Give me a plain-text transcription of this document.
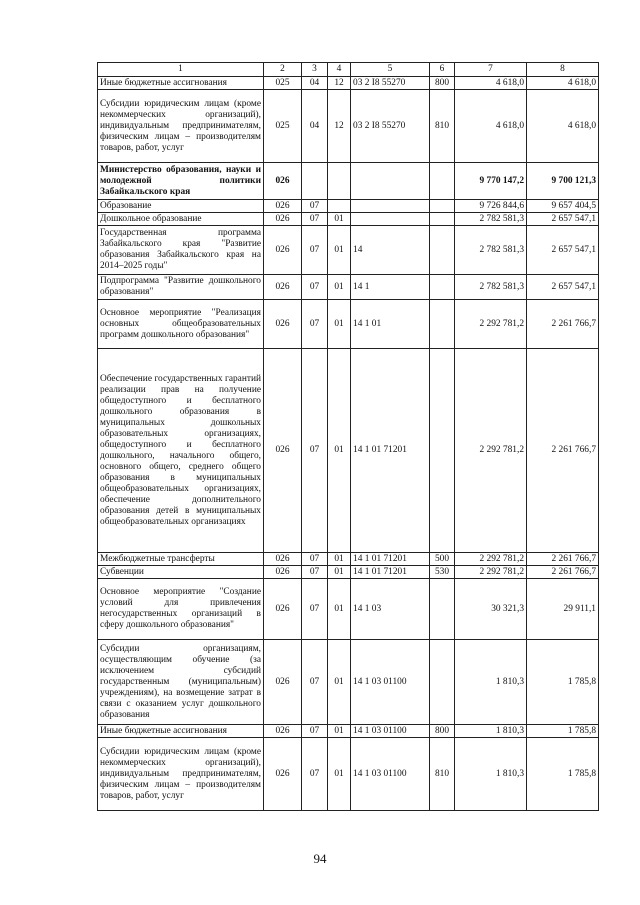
1	2	3	4	5	6	7	8
Иные бюджетные ассигнования	025	04	12	03 2 I8 55270	800	4 618,0	4 618,0
Субсидии юридическим лицам (кроме некоммерческих организаций), индивидуальным предпринимателям, физическим лицам – производителям товаров, работ, услуг	025	04	12	03 2 I8 55270	810	4 618,0	4 618,0
Министерство образования, науки и молодежной политики Забайкальского края	026					9 770 147,2	9 700 121,3
Образование	026	07				9 726 844,6	9 657 404,5
Дошкольное образование	026	07	01			2 782 581,3	2 657 547,1
Государственная программа Забайкальского края "Развитие образования Забайкальского края на 2014–2025 годы"	026	07	01	14		2 782 581,3	2 657 547,1
Подпрограмма "Развитие дошкольного образования"	026	07	01	14 1		2 782 581,3	2 657 547,1
Основное мероприятие "Реализация основных общеобразовательных программ дошкольного образования"	026	07	01	14 1 01		2 292 781,2	2 261 766,7
Обеспечение государственных гарантий реализации прав на получение общедоступного и бесплатного дошкольного образования в муниципальных дошкольных образовательных организациях, общедоступного и бесплатного дошкольного, начального общего, основного общего, среднего общего образования в муниципальных общеобразовательных организациях, обеспечение дополнительного образования детей в муниципальных общеобразовательных организациях	026	07	01	14 1 01 71201		2 292 781,2	2 261 766,7
Межбюджетные трансферты	026	07	01	14 1 01 71201	500	2 292 781,2	2 261 766,7
Субвенции	026	07	01	14 1 01 71201	530	2 292 781,2	2 261 766,7
Основное мероприятие "Создание условий для привлечения негосударственных организаций в сферу дошкольного образования"	026	07	01	14 1 03		30 321,3	29 911,1
Субсидии организациям, осуществляющим обучение (за исключением субсидий государственным (муниципальным) учреждениям), на возмещение затрат в связи с оказанием услуг дошкольного образования	026	07	01	14 1 03 01100		1 810,3	1 785,8
Иные бюджетные ассигнования	026	07	01	14 1 03 01100	800	1 810,3	1 785,8
Субсидии юридическим лицам (кроме некоммерческих организаций), индивидуальным предпринимателям, физическим лицам – производителям товаров, работ, услуг	026	07	01	14 1 03 01100	810	1 810,3	1 785,8
94
